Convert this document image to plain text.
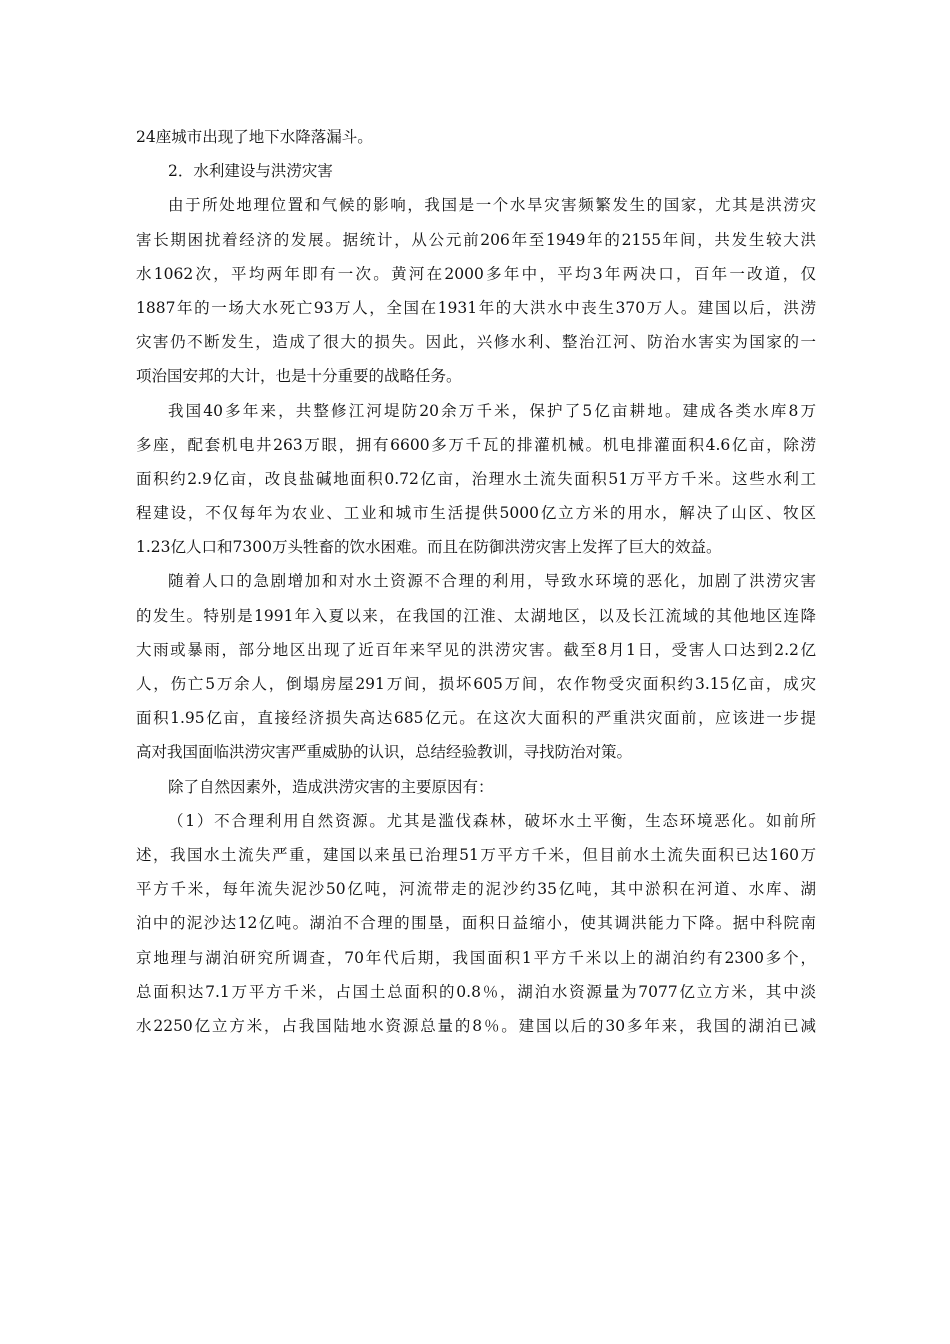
24座城市出现了地下水降落漏斗。
2．水利建设与洪涝灾害
由于所处地理位置和气候的影响，我国是一个水旱灾害频繁发生的国家，尤其是洪涝灾
害长期困扰着经济的发展。据统计，从公元前206年至1949年的2155年间，共发生较大洪
水1062次，平均两年即有一次。黄河在2000多年中，平均3年两决口，百年一改道，仅
1887年的一场大水死亡93万人，全国在1931年的大洪水中丧生370万人。建国以后，洪涝
灾害仍不断发生，造成了很大的损失。因此，兴修水利、整治江河、防治水害实为国家的一
项治国安邦的大计，也是十分重要的战略任务。
我国40多年来，共整修江河堤防20余万千米，保护了5亿亩耕地。建成各类水库8万
多座，配套机电井263万眼，拥有6600多万千瓦的排灌机械。机电排灌面积4.6亿亩，除涝
面积约2.9亿亩，改良盐碱地面积0.72亿亩，治理水土流失面积51万平方千米。这些水利工
程建设，不仅每年为农业、工业和城市生活提供5000亿立方米的用水，解决了山区、牧区
1.23亿人口和7300万头牲畜的饮水困难。而且在防御洪涝灾害上发挥了巨大的效益。
随着人口的急剧增加和对水土资源不合理的利用，导致水环境的恶化，加剧了洪涝灾害
的发生。特别是1991年入夏以来，在我国的江淮、太湖地区，以及长江流域的其他地区连降
大雨或暴雨，部分地区出现了近百年来罕见的洪涝灾害。截至8月1日，受害人口达到2.2亿
人，伤亡5万余人，倒塌房屋291万间，损坏605万间，农作物受灾面积约3.15亿亩，成灾
面积1.95亿亩，直接经济损失高达685亿元。在这次大面积的严重洪灾面前，应该进一步提
高对我国面临洪涝灾害严重威胁的认识，总结经验教训，寻找防治对策。
除了自然因素外，造成洪涝灾害的主要原因有：
（1）不合理利用自然资源。尤其是滥伐森林，破坏水土平衡，生态环境恶化。如前所
述，我国水土流失严重，建国以来虽已治理51万平方千米，但目前水土流失面积已达160万
平方千米，每年流失泥沙50亿吨，河流带走的泥沙约35亿吨，其中淤积在河道、水库、湖
泊中的泥沙达12亿吨。湖泊不合理的围垦，面积日益缩小，使其调洪能力下降。据中科院南
京地理与湖泊研究所调查，70年代后期，我国面积1平方千米以上的湖泊约有2300多个，
总面积达7.1万平方千米，占国土总面积的0.8％，湖泊水资源量为7077亿立方米，其中淡
水2250亿立方米，占我国陆地水资源总量的8％。建国以后的30多年来，我国的湖泊已减
